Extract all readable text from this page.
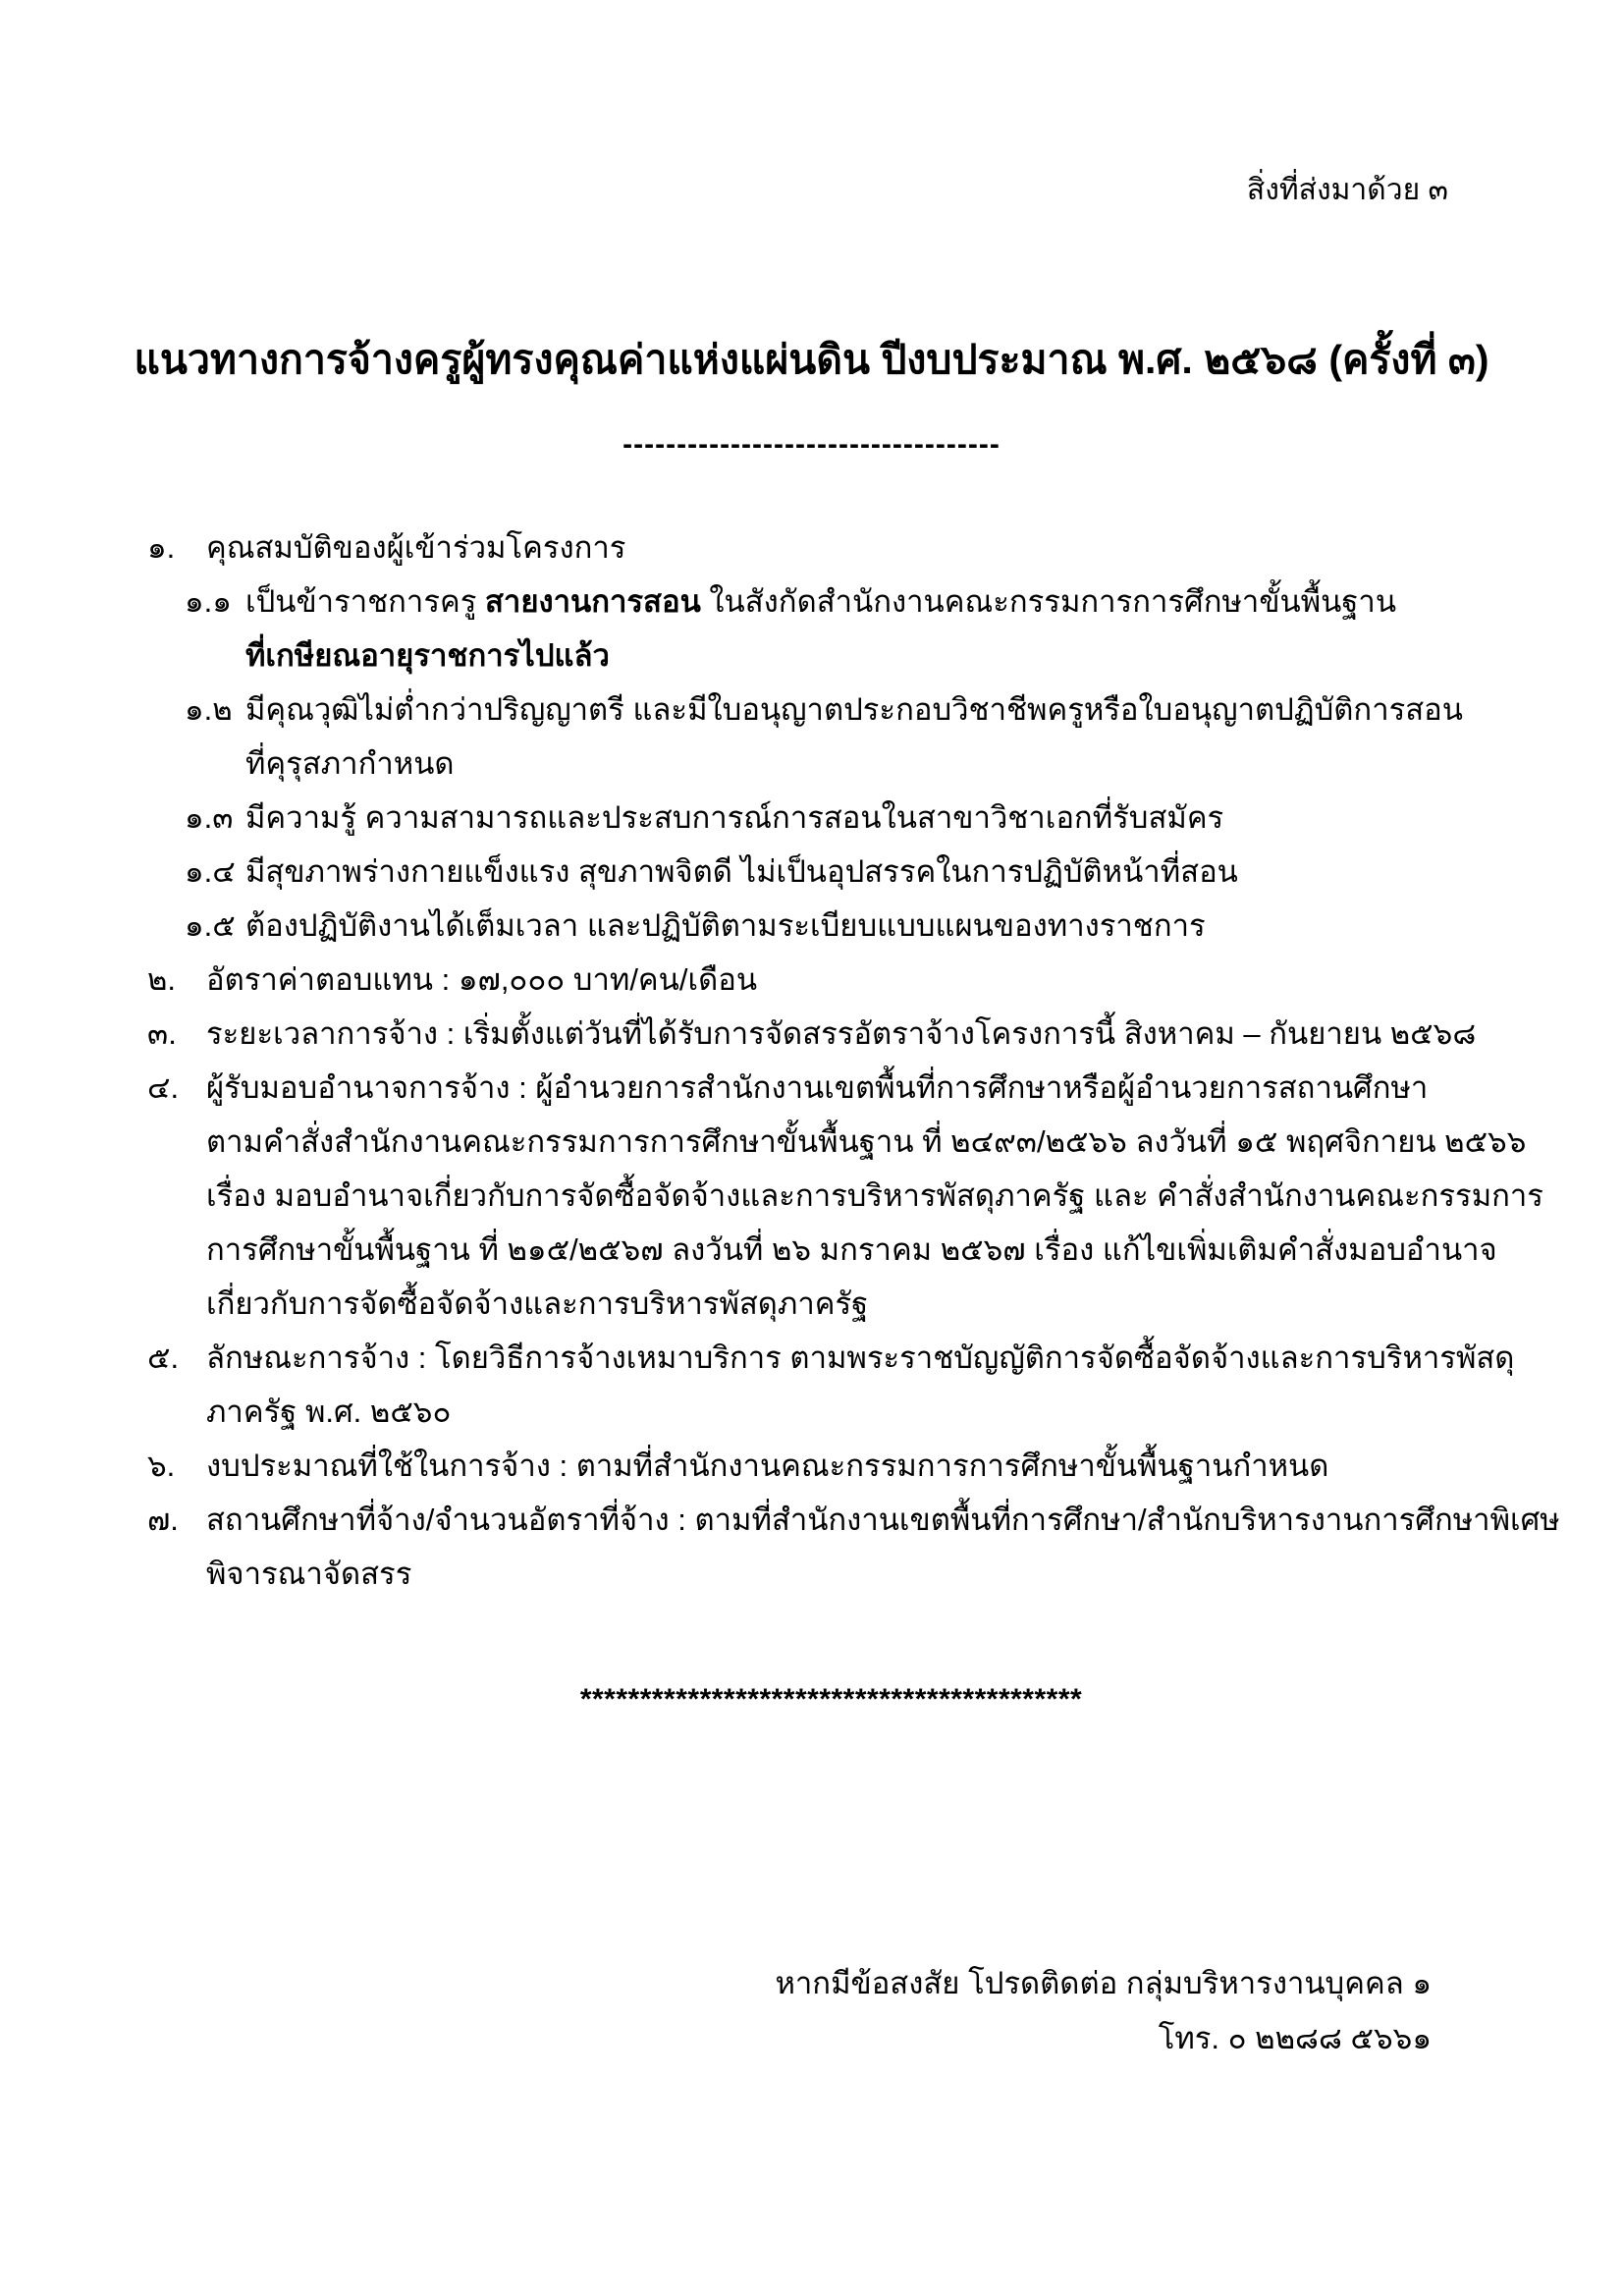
สิ่งที่ส่งมาด้วย ๓
แนวทางการจ้างครูผู้ทรงคุณค่าแห่งแผ่นดิน ปีงบประมาณ พ.ศ. ๒๕๖๘ (ครั้งที่ ๓)
-----------------------------------
๑. คุณสมบัติของผู้เข้าร่วมโครงการ
๑.๑ เป็นข้าราชการครู สายงานการสอน ในสังกัดสำนักงานคณะกรรมการการศึกษาขั้นพื้นฐาน
ที่เกษียณอายุราชการไปแล้ว
๑.๒ มีคุณวุฒิไม่ต่ำกว่าปริญญาตรี และมีใบอนุญาตประกอบวิชาชีพครูหรือใบอนุญาตปฏิบัติการสอน
ที่คุรุสภากำหนด
๑.๓ มีความรู้ ความสามารถและประสบการณ์การสอนในสาขาวิชาเอกที่รับสมัคร
๑.๔ มีสุขภาพร่างกายแข็งแรง สุขภาพจิตดี ไม่เป็นอุปสรรคในการปฏิบัติหน้าที่สอน
๑.๕ ต้องปฏิบัติงานได้เต็มเวลา และปฏิบัติตามระเบียบแบบแผนของทางราชการ
๒. อัตราค่าตอบแทน : ๑๗,๐๐๐ บาท/คน/เดือน
๓. ระยะเวลาการจ้าง : เริ่มตั้งแต่วันที่ได้รับการจัดสรรอัตราจ้างโครงการนี้ สิงหาคม – กันยายน ๒๕๖๘
๔. ผู้รับมอบอำนาจการจ้าง : ผู้อำนวยการสำนักงานเขตพื้นที่การศึกษาหรือผู้อำนวยการสถานศึกษา
ตามคำสั่งสำนักงานคณะกรรมการการศึกษาขั้นพื้นฐาน ที่ ๒๔๙๓/๒๕๖๖ ลงวันที่ ๑๕ พฤศจิกายน ๒๕๖๖
เรื่อง มอบอำนาจเกี่ยวกับการจัดซื้อจัดจ้างและการบริหารพัสดุภาครัฐ และ คำสั่งสำนักงานคณะกรรมการ
การศึกษาขั้นพื้นฐาน ที่ ๒๑๕/๒๕๖๗ ลงวันที่ ๒๖ มกราคม ๒๕๖๗ เรื่อง แก้ไขเพิ่มเติมคำสั่งมอบอำนาจ
เกี่ยวกับการจัดซื้อจัดจ้างและการบริหารพัสดุภาครัฐ
๕. ลักษณะการจ้าง : โดยวิธีการจ้างเหมาบริการ ตามพระราชบัญญัติการจัดซื้อจัดจ้างและการบริหารพัสดุ
ภาครัฐ พ.ศ. ๒๕๖๐
๖. งบประมาณที่ใช้ในการจ้าง : ตามที่สำนักงานคณะกรรมการการศึกษาขั้นพื้นฐานกำหนด
๗. สถานศึกษาที่จ้าง/จำนวนอัตราที่จ้าง : ตามที่สำนักงานเขตพื้นที่การศึกษา/สำนักบริหารงานการศึกษาพิเศษ
พิจารณาจัดสรร
******************************************
หากมีข้อสงสัย โปรดติดต่อ กลุ่มบริหารงานบุคคล ๑
โทร. ๐ ๒๒๘๘ ๕๖๖๑
